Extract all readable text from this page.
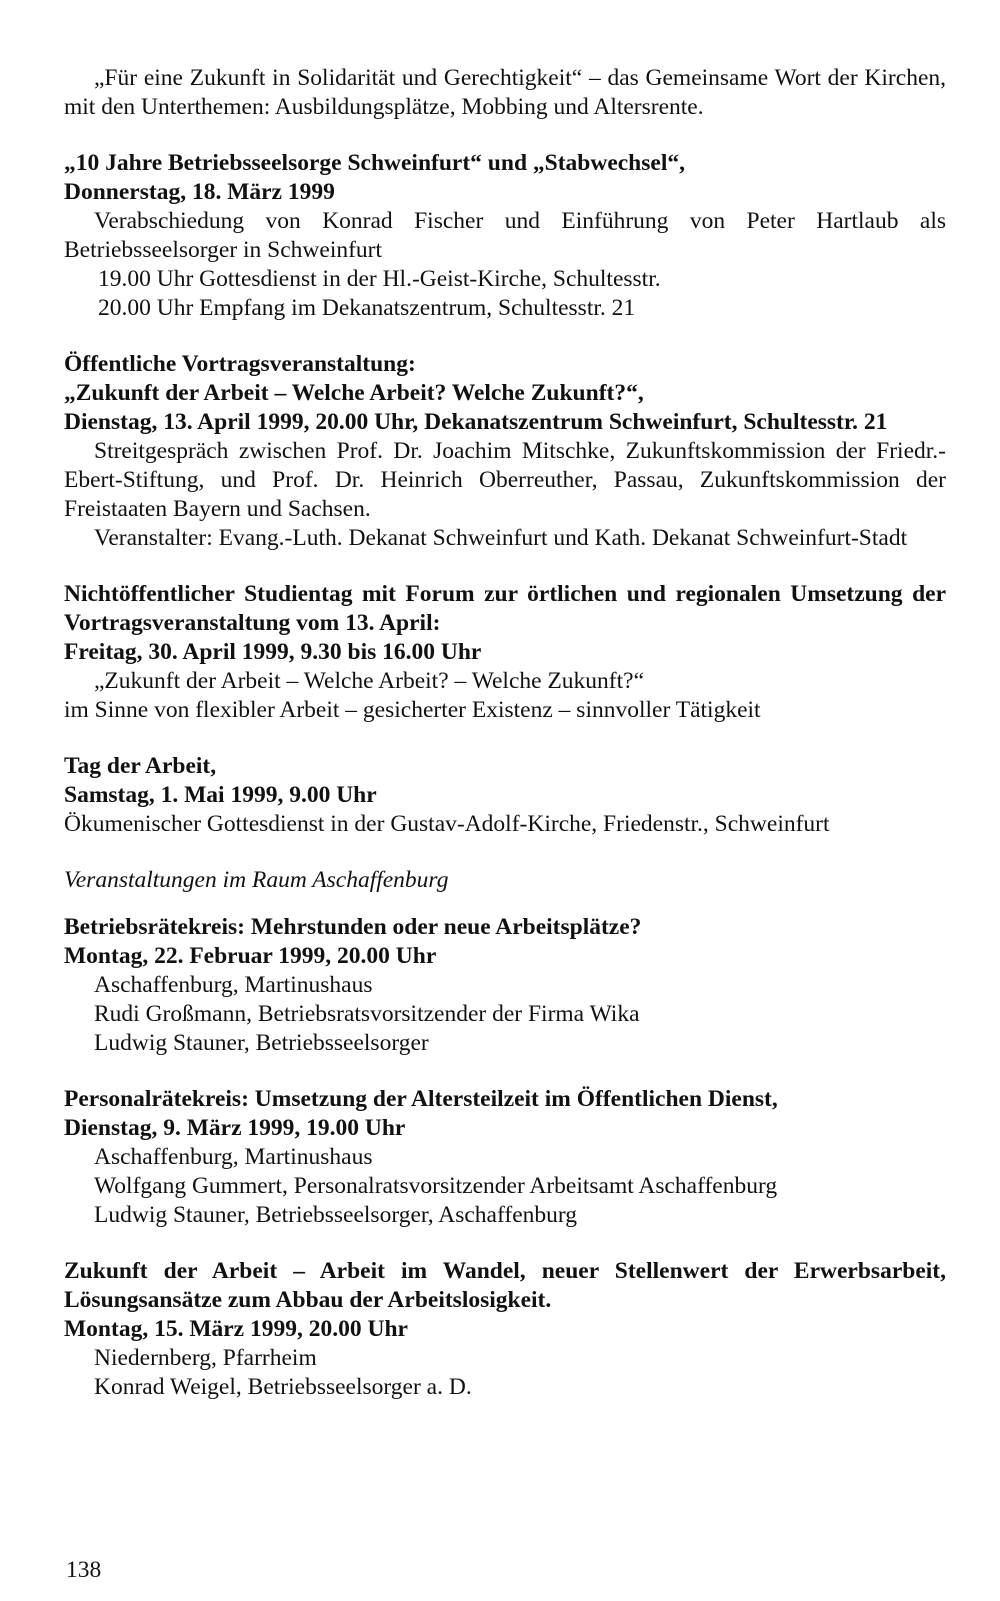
„Für eine Zukunft in Solidarität und Gerechtigkeit“ – das Gemeinsame Wort der Kirchen, mit den Unterthemen: Ausbildungsplätze, Mobbing und Altersrente.

„10 Jahre Betriebsseelsorge Schweinfurt“ und „Stabwechsel“,

Donnerstag, 18. März 1999

Verabschiedung von Konrad Fischer und Einführung von Peter Hartlaub als Betriebsseelsorger in Schweinfurt

19.00 Uhr Gottesdienst in der Hl.-Geist-Kirche, Schultesstr.

20.00 Uhr Empfang im Dekanatszentrum, Schultesstr. 21

Öffentliche Vortragsveranstaltung:

„Zukunft der Arbeit – Welche Arbeit? Welche Zukunft?“,

Dienstag, 13. April 1999, 20.00 Uhr, Dekanatszentrum Schweinfurt, Schultesstr. 21

Streitgespräch zwischen Prof. Dr. Joachim Mitschke, Zukunftskommission der Friedr.-Ebert-Stiftung, und Prof. Dr. Heinrich Oberreuther, Passau, Zukunftskommission der Freistaaten Bayern und Sachsen.

Veranstalter: Evang.-Luth. Dekanat Schweinfurt und Kath. Dekanat Schweinfurt-Stadt

Nichtöffentlicher Studientag mit Forum zur örtlichen und regionalen Umsetzung der Vortragsveranstaltung vom 13. April:

Freitag, 30. April 1999, 9.30 bis 16.00 Uhr

„Zukunft der Arbeit – Welche Arbeit? – Welche Zukunft?“

im Sinne von flexibler Arbeit – gesicherter Existenz – sinnvoller Tätigkeit

Tag der Arbeit,

Samstag, 1. Mai 1999, 9.00 Uhr

Ökumenischer Gottesdienst in der Gustav-Adolf-Kirche, Friedenstr., Schweinfurt

Veranstaltungen im Raum Aschaffenburg

Betriebsrätekreis: Mehrstunden oder neue Arbeitsplätze?

Montag, 22. Februar 1999, 20.00 Uhr

Aschaffenburg, Martinushaus

Rudi Großmann, Betriebsratsvorsitzender der Firma Wika

Ludwig Stauner, Betriebsseelsorger

Personalrätekreis: Umsetzung der Altersteilzeit im Öffentlichen Dienst,

Dienstag, 9. März 1999, 19.00 Uhr

Aschaffenburg, Martinushaus

Wolfgang Gummert, Personalratsvorsitzender Arbeitsamt Aschaffenburg

Ludwig Stauner, Betriebsseelsorger, Aschaffenburg

Zukunft der Arbeit – Arbeit im Wandel, neuer Stellenwert der Erwerbsarbeit, Lösungsansätze zum Abbau der Arbeitslosigkeit.

Montag, 15. März 1999, 20.00 Uhr

Niedernberg, Pfarrheim

Konrad Weigel, Betriebsseelsorger a. D.

138
